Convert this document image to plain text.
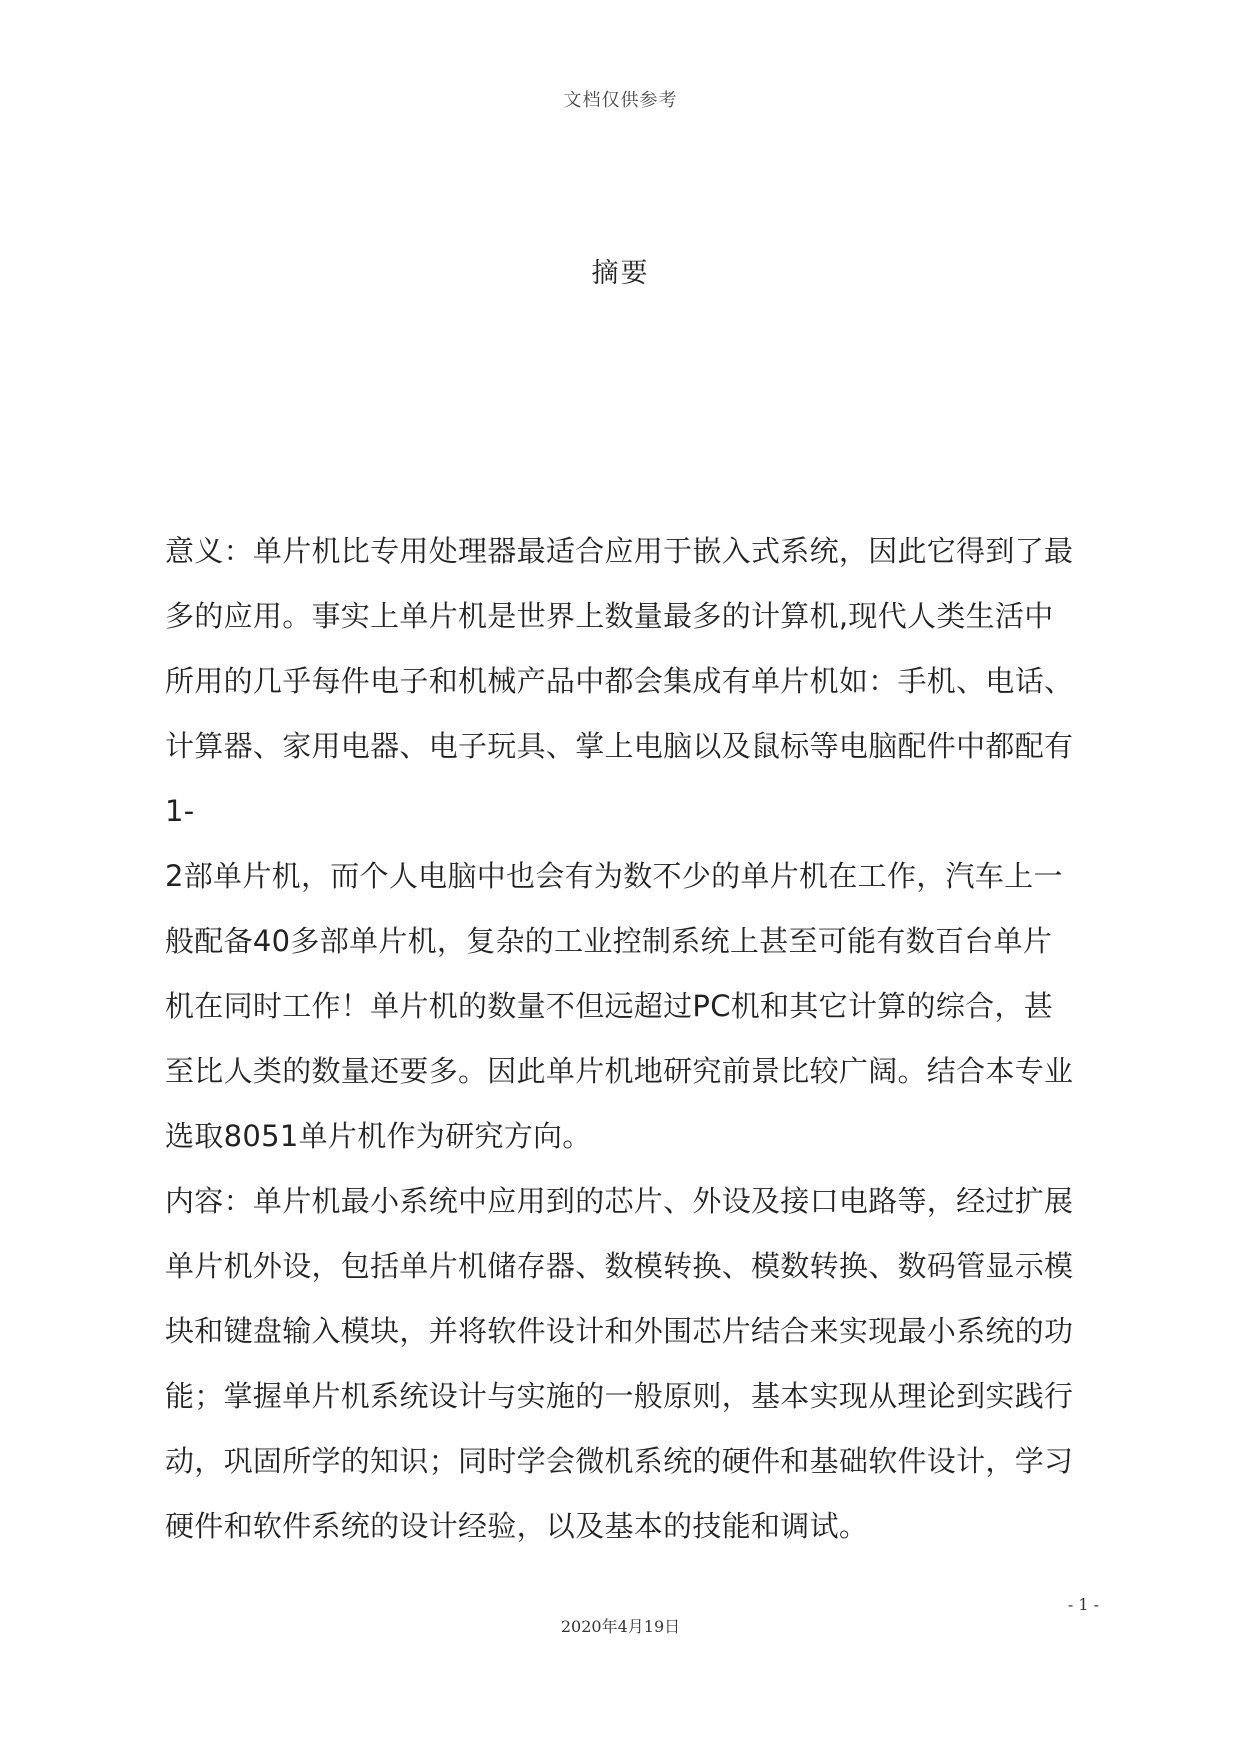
文档仅供参考
摘要
意义：单片机比专用处理器最适合应用于嵌入式系统，因此它得到了最
多的应用。事实上单片机是世界上数量最多的计算机,现代人类生活中
所用的几乎每件电子和机械产品中都会集成有单片机如：手机、电话、
计算器、家用电器、电子玩具、掌上电脑以及鼠标等电脑配件中都配有
1-
2部单片机，而个人电脑中也会有为数不少的单片机在工作，汽车上一
般配备40多部单片机，复杂的工业控制系统上甚至可能有数百台单片
机在同时工作！单片机的数量不但远超过PC机和其它计算的综合，甚
至比人类的数量还要多。因此单片机地研究前景比较广阔。结合本专业
选取8051单片机作为研究方向。
内容：单片机最小系统中应用到的芯片、外设及接口电路等，经过扩展
单片机外设，包括单片机储存器、数模转换、模数转换、数码管显示模
块和键盘输入模块，并将软件设计和外围芯片结合来实现最小系统的功
能；掌握单片机系统设计与实施的一般原则，基本实现从理论到实践行
动，巩固所学的知识；同时学会微机系统的硬件和基础软件设计，学习
硬件和软件系统的设计经验，以及基本的技能和调试。
- 1 -
2020年4月19日
